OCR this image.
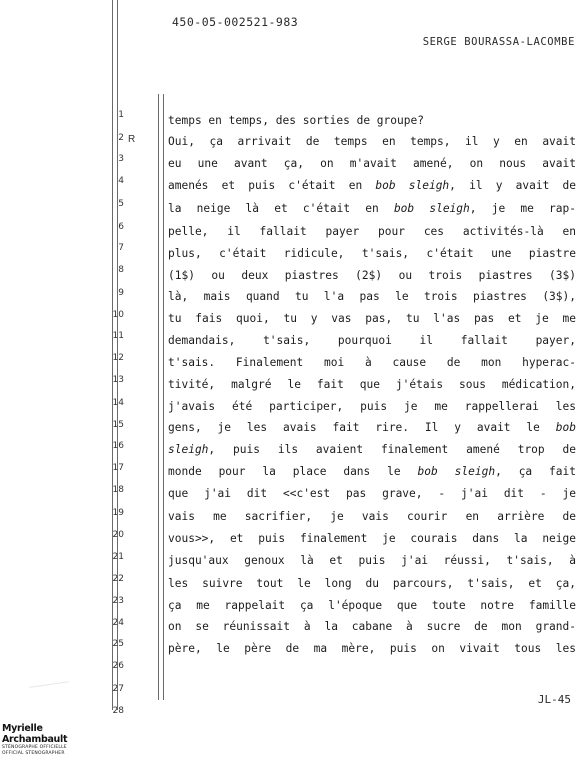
450-05-002521-983
SERGE BOURASSA-LACOMBE
1
2
3
4
5
6
7
8
9
10
11
12
13
14
15
16
17
18
19
20
21
22
23
24
25
26
27
28
R
temps en temps, des sorties de groupe?
Oui, ça arrivait de temps en temps, il y en avait
eu une avant ça, on m'avait amené, on nous avait
amenés et puis c'était en bob sleigh, il y avait de
la neige là et c'était en bob sleigh, je me rap-
pelle, il fallait payer pour ces activités-là en
plus, c'était ridicule, t'sais, c'était une piastre
(1$) ou deux piastres (2$) ou trois piastres (3$)
là, mais quand tu l'a pas le trois piastres (3$),
tu fais quoi, tu y vas pas, tu l'as pas et je me
demandais, t'sais, pourquoi il fallait payer,
t'sais. Finalement moi à cause de mon hyperac-
tivité, malgré le fait que j'étais sous médication,
j'avais été participer, puis je me rappellerai les
gens, je les avais fait rire. Il y avait le bob
sleigh, puis ils avaient finalement amené trop de
monde pour la place dans le bob sleigh, ça fait
que j'ai dit <<c'est pas grave, - j'ai dit - je
vais me sacrifier, je vais courir en arrière de
vous>>, et puis finalement je courais dans la neige
jusqu'aux genoux là et puis j'ai réussi, t'sais, à
les suivre tout le long du parcours, t'sais, et ça,
ça me rappelait ça l'époque que toute notre famille
on se réunissait à la cabane à sucre de mon grand-
père, le père de ma mère, puis on vivait tous les
JL-45
Myrielle Archambault
STÉNOGRAPHE OFFICIELLE
OFFICIAL STENOGRAPHER
